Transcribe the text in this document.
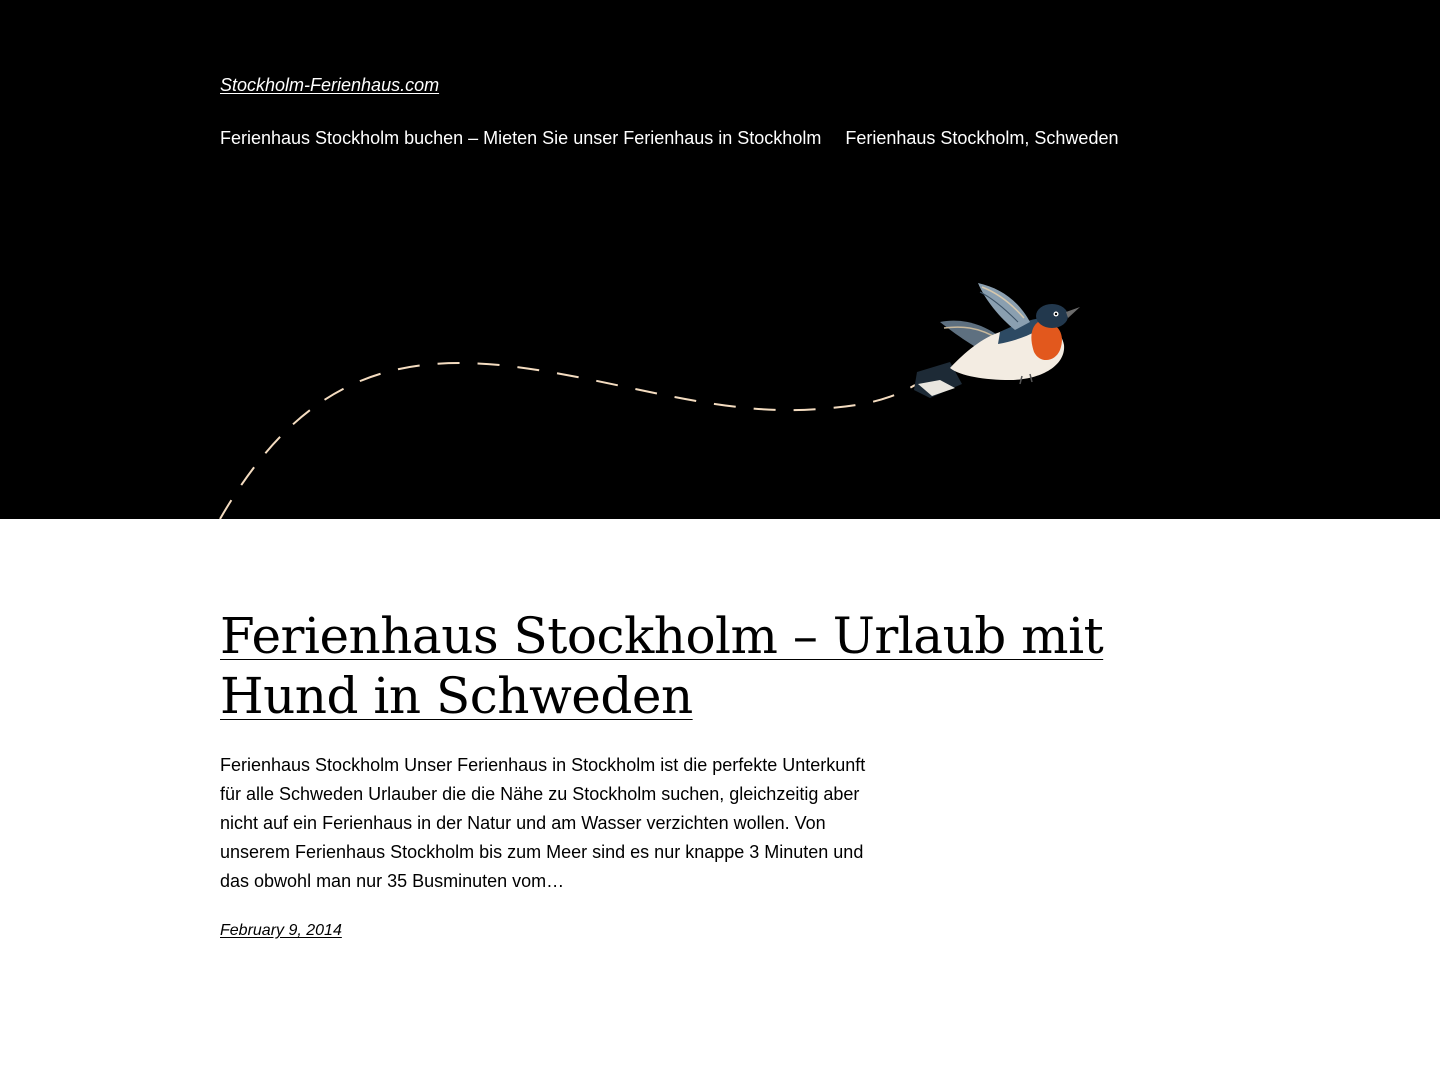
Stockholm-Ferienhaus.com
Ferienhaus Stockholm buchen – Mieten Sie unser Ferienhaus in Stockholm Ferienhaus Stockholm, Schweden
Ferienhaus Stockholm – Urlaub mit Hund in Schweden

Ferienhaus Stockholm Unser Ferienhaus in Stockholm ist die perfekte Unterkunft für alle Schweden Urlauber die die Nähe zu Stockholm suchen, gleichzeitig aber nicht auf ein Ferienhaus in der Natur und am Wasser verzichten wollen. Von unserem Ferienhaus Stockholm bis zum Meer sind es nur knappe 3 Minuten und das obwohl man nur 35 Busminuten vom…

February 9, 2014
